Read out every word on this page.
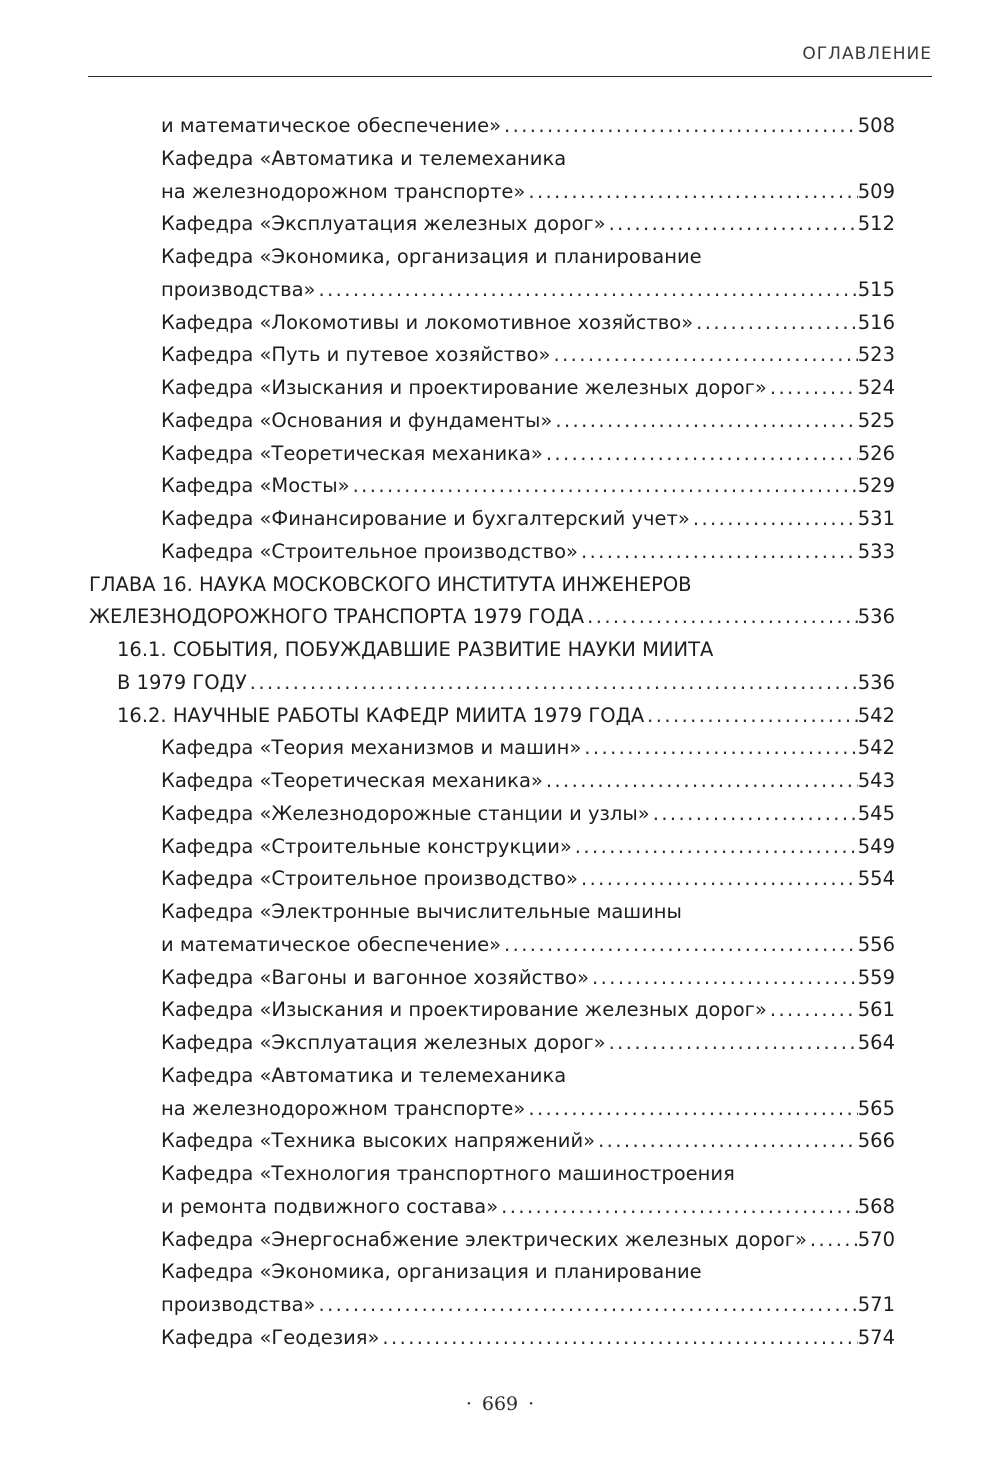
ОГЛАВЛЕНИЕ
и математическое обеспечение» .....	508
Кафедра «Автоматика и телемеханика
на железнодорожном транспорте» .....	509
Кафедра «Эксплуатация железных дорог» .....	512
Кафедра «Экономика, организация и планирование
производства» .....	515
Кафедра «Локомотивы и локомотивное хозяйство» .....	516
Кафедра «Путь и путевое хозяйство» .....	523
Кафедра «Изыскания и проектирование железных дорог» .....	524
Кафедра «Основания и фундаменты» .....	525
Кафедра «Теоретическая механика» .....	526
Кафедра «Мосты» .....	529
Кафедра «Финансирование и бухгалтерский учет» .....	531
Кафедра «Строительное производство» .....	533
ГЛАВА 16. НАУКА МОСКОВСКОГО ИНСТИТУТА ИНЖЕНЕРОВ
ЖЕЛЕЗНОДОРОЖНОГО ТРАНСПОРТА 1979 ГОДА .....	536
16.1. СОБЫТИЯ, ПОБУЖДАВШИЕ РАЗВИТИЕ НАУКИ МИИТА
В 1979 ГОДУ .....	536
16.2. НАУЧНЫЕ РАБОТЫ КАФЕДР МИИТА 1979 ГОДА .....	542
Кафедра «Теория механизмов и машин» .....	542
Кафедра «Теоретическая механика» .....	543
Кафедра «Железнодорожные станции и узлы» .....	545
Кафедра «Строительные конструкции» .....	549
Кафедра «Строительное производство» .....	554
Кафедра «Электронные вычислительные машины
и математическое обеспечение» .....	556
Кафедра «Вагоны и вагонное хозяйство» .....	559
Кафедра «Изыскания и проектирование железных дорог» .....	561
Кафедра «Эксплуатация железных дорог» .....	564
Кафедра «Автоматика и телемеханика
на железнодорожном транспорте» .....	565
Кафедра «Техника высоких напряжений» .....	566
Кафедра «Технология транспортного машиностроения
и ремонта подвижного состава» .....	568
Кафедра «Энергоснабжение электрических железных дорог» .....	570
Кафедра «Экономика, организация и планирование
производства» .....	571
Кафедра «Геодезия» .....	574
· 669 ·
